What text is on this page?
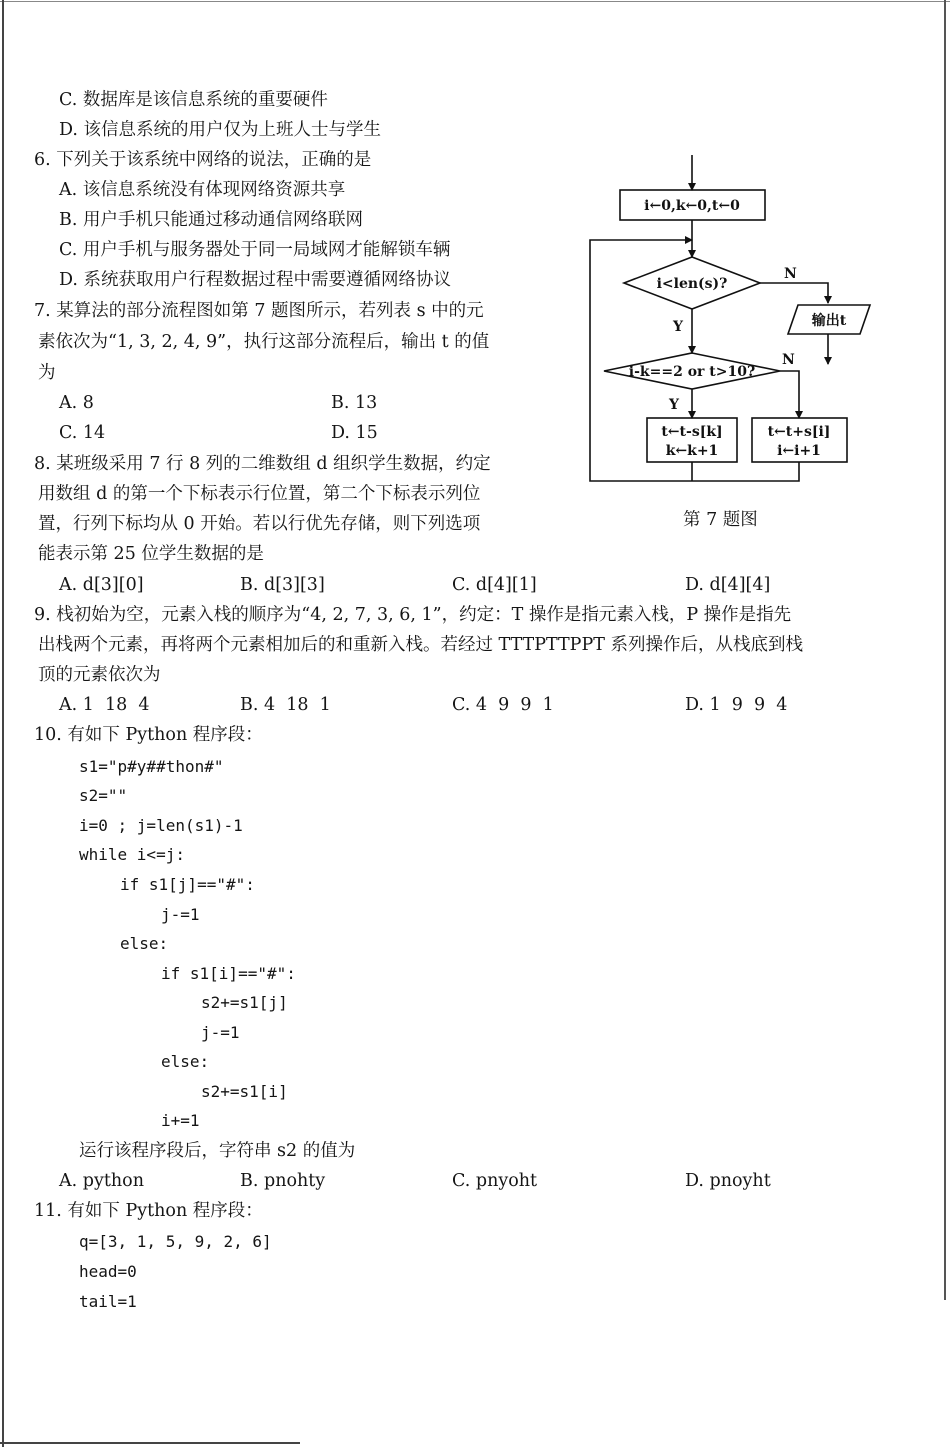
C. 数据库是该信息系统的重要硬件

D. 该信息系统的用户仅为上班人士与学生

6. 下列关于该系统中网络的说法，正确的是

A. 该信息系统没有体现网络资源共享

B. 用户手机只能通过移动通信网络联网

C. 用户手机与服务器处于同一局域网才能解锁车辆

D. 系统获取用户行程数据过程中需要遵循网络协议

7. 某算法的部分流程图如第 7 题图所示，若列表 s 中的元

素依次为“1, 3, 2, 4, 9”，执行这部分流程后，输出 t 的值

为

A. 8	B. 13

C. 14	D. 15

i←0,k←0,t←0
i<len(s)?
N
输出t
Y
i-k==2 or t>10?
N
Y
t←t-s[k]
k←k+1
t←t+s[i]
i←i+1

第 7 题图

8. 某班级采用 7 行 8 列的二维数组 d 组织学生数据，约定

用数组 d 的第一个下标表示行位置，第二个下标表示列位

置，行列下标均从 0 开始。若以行优先存储，则下列选项

能表示第 25 位学生数据的是

A. d[3][0]	B. d[3][3]	C. d[4][1]	D. d[4][4]

9. 栈初始为空，元素入栈的顺序为“4, 2, 7, 3, 6, 1”，约定：T 操作是指元素入栈，P 操作是指先

出栈两个元素，再将两个元素相加后的和重新入栈。若经过 TTTPTTPPT 系列操作后，从栈底到栈

顶的元素依次为

A. 1  18  4	B. 4  18  1	C. 4  9  9  1	D. 1  9  9  4

10. 有如下 Python 程序段：

s1="p#y##thon#"

s2=""

i=0 ; j=len(s1)-1

while i<=j:

if s1[j]=="#":

j-=1

else:

if s1[i]=="#":

s2+=s1[j]

j-=1

else:

s2+=s1[i]

i+=1

运行该程序段后，字符串 s2 的值为

A. python	B. pnohty	C. pnyoht	D. pnoyht

11. 有如下 Python 程序段：

q=[3, 1, 5, 9, 2, 6]

head=0

tail=1
